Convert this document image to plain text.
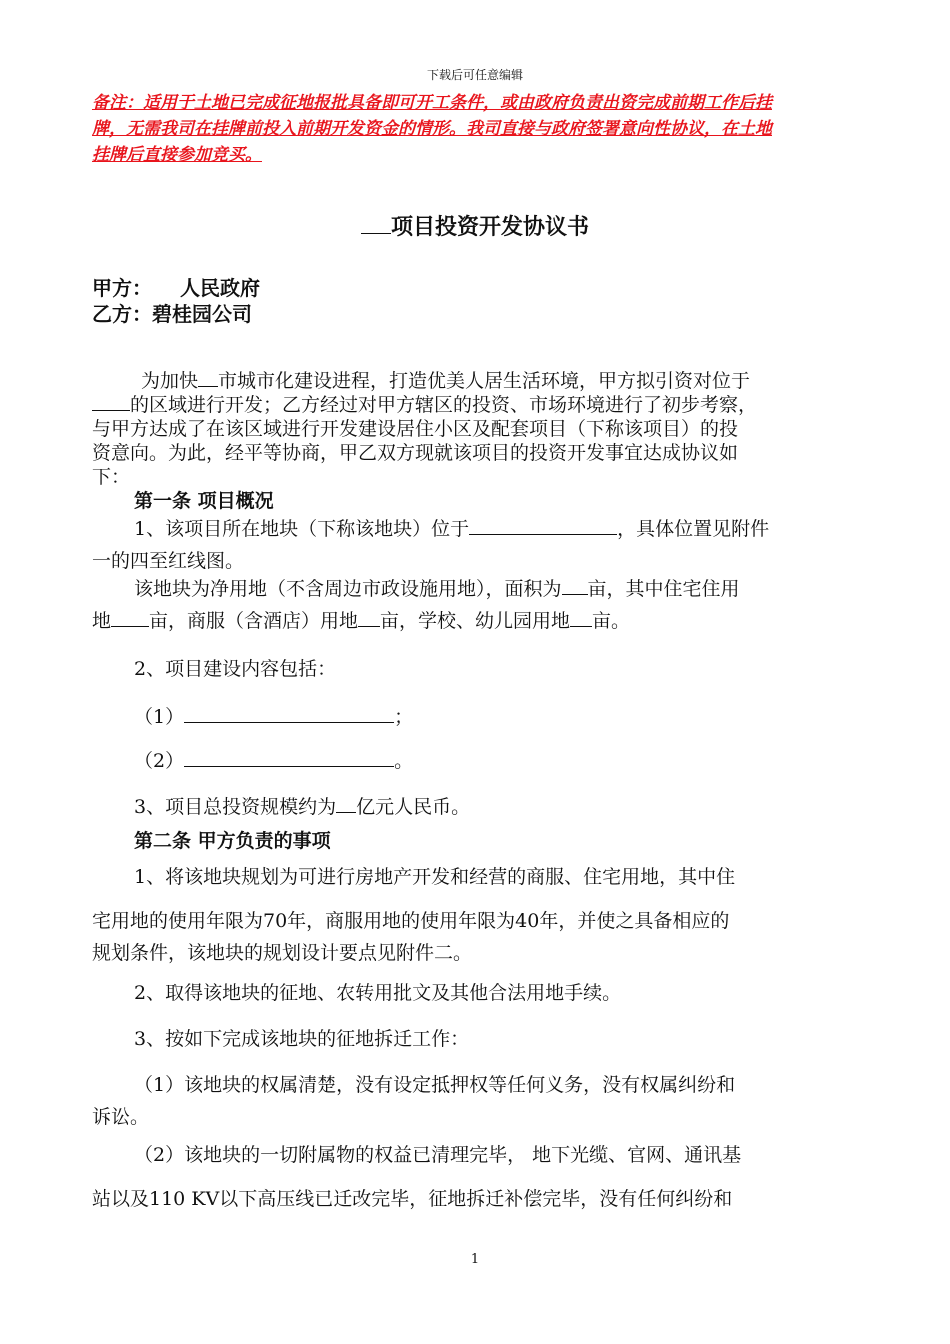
下载后可任意编辑
备注：适用于土地已完成征地报批具备即可开工条件，或由政府负责出资完成前期工作后挂
牌，无需我司在挂牌前投入前期开发资金的情形。我司直接与政府签署意向性协议，在土地
挂牌后直接参加竞买。
项目投资开发协议书
甲方： 人民政府
乙方：碧桂园公司
为加快 市城市化建设进程，打造优美人居生活环境，甲方拟引资对位于
的区域进行开发；乙方经过对甲方辖区的投资、市场环境进行了初步考察，
与甲方达成了在该区域进行开发建设居住小区及配套项目（下称该项目）的投
资意向。为此，经平等协商，甲乙双方现就该项目的投资开发事宜达成协议如
下：
第一条 项目概况
1、该项目所在地块（下称该地块）位于	，具体位置见附件
一的四至红线图。
该地块为净用地（不含周边市政设施用地），面积为 亩，其中住宅住用
地 亩，商服（含酒店）用地 亩，学校、幼儿园用地 亩。
2、项目建设内容包括：
（1）	；
（2）	。
3、项目总投资规模约为 亿元人民币。
第二条 甲方负责的事项
1、将该地块规划为可进行房地产开发和经营的商服、住宅用地，其中住
宅用地的使用年限为70年，商服用地的使用年限为40年，并使之具备相应的
规划条件，该地块的规划设计要点见附件二。
2、取得该地块的征地、农转用批文及其他合法用地手续。
3、按如下完成该地块的征地拆迁工作：
（1）该地块的权属清楚，没有设定抵押权等任何义务，没有权属纠纷和
诉讼。
（2）该地块的一切附属物的权益已清理完毕， 地下光缆、官网、通讯基
站以及110 KV以下高压线已迁改完毕，征地拆迁补偿完毕，没有任何纠纷和
1
